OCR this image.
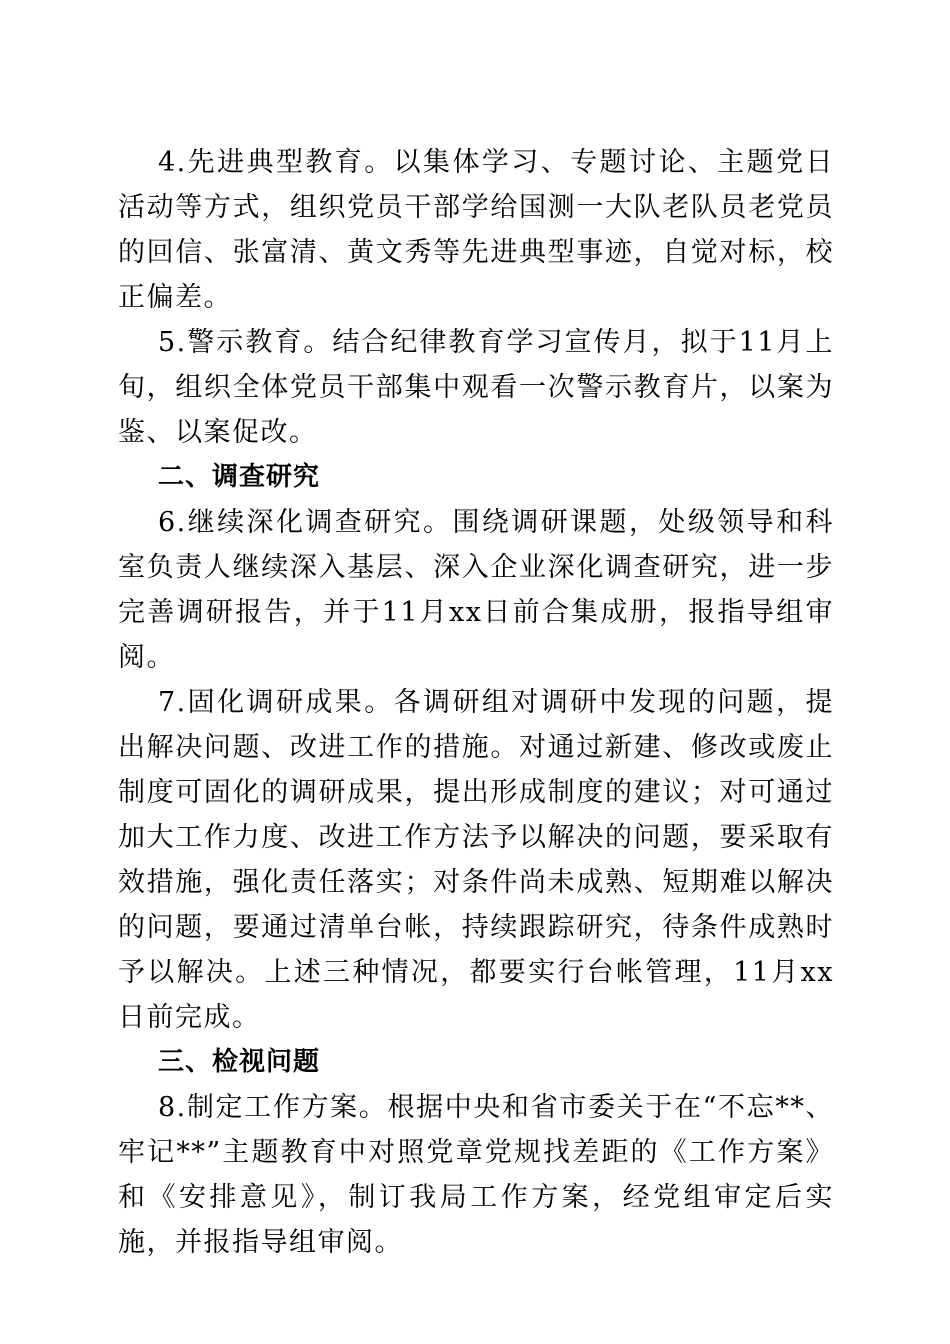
4.先进典型教育。以集体学习、专题讨论、主题党日活动等方式，组织党员干部学给国测一大队老队员老党员的回信、张富清、黄文秀等先进典型事迹，自觉对标，校正偏差。

5.警示教育。结合纪律教育学习宣传月，拟于11月上旬，组织全体党员干部集中观看一次警示教育片，以案为鉴、以案促改。

二、调查研究

6.继续深化调查研究。围绕调研课题，处级领导和科室负责人继续深入基层、深入企业深化调查研究，进一步完善调研报告，并于11月xx日前合集成册，报指导组审阅。

7.固化调研成果。各调研组对调研中发现的问题，提出解决问题、改进工作的措施。对通过新建、修改或废止制度可固化的调研成果，提出形成制度的建议；对可通过加大工作力度、改进工作方法予以解决的问题，要采取有效措施，强化责任落实；对条件尚未成熟、短期难以解决的问题，要通过清单台帐，持续跟踪研究，待条件成熟时予以解决。上述三种情况，都要实行台帐管理，11月xx日前完成。

三、检视问题

8.制定工作方案。根据中央和省市委关于在“不忘**、牢记**”主题教育中对照党章党规找差距的《工作方案》和《安排意见》，制订我局工作方案，经党组审定后实施，并报指导组审阅。
